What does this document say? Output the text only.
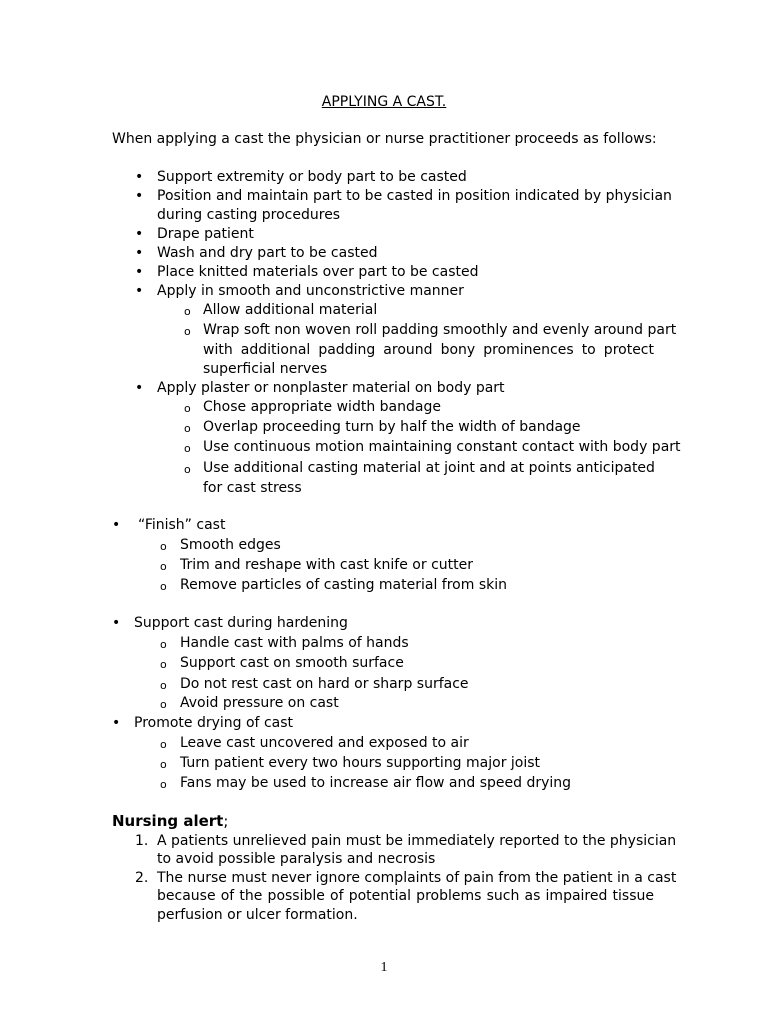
APPLYING A CAST.
When applying a cast the physician or nurse practitioner proceeds as follows:
• Support extremity or body part to be casted
• Position and maintain part to be casted in position indicated by physician
during casting procedures
• Drape patient
• Wash and dry part to be casted
• Place knitted materials over part to be casted
• Apply in smooth and unconstrictive manner
o Allow additional material
o Wrap soft non woven roll padding smoothly and evenly around part
with additional padding around bony prominences to protect
superficial nerves
• Apply plaster or nonplaster material on body part
o Chose appropriate width bandage
o Overlap proceeding turn by half the width of bandage
o Use continuous motion maintaining constant contact with body part
o Use additional casting material at joint and at points anticipated
for cast stress
• “Finish” cast
o Smooth edges
o Trim and reshape with cast knife or cutter
o Remove particles of casting material from skin
• Support cast during hardening
o Handle cast with palms of hands
o Support cast on smooth surface
o Do not rest cast on hard or sharp surface
o Avoid pressure on cast
• Promote drying of cast
o Leave cast uncovered and exposed to air
o Turn patient every two hours supporting major joist
o Fans may be used to increase air flow and speed drying
Nursing alert;
1. A patients unrelieved pain must be immediately reported to the physician
to avoid possible paralysis and necrosis
2. The nurse must never ignore complaints of pain from the patient in a cast
because of the possible of potential problems such as impaired tissue
perfusion or ulcer formation.
1
